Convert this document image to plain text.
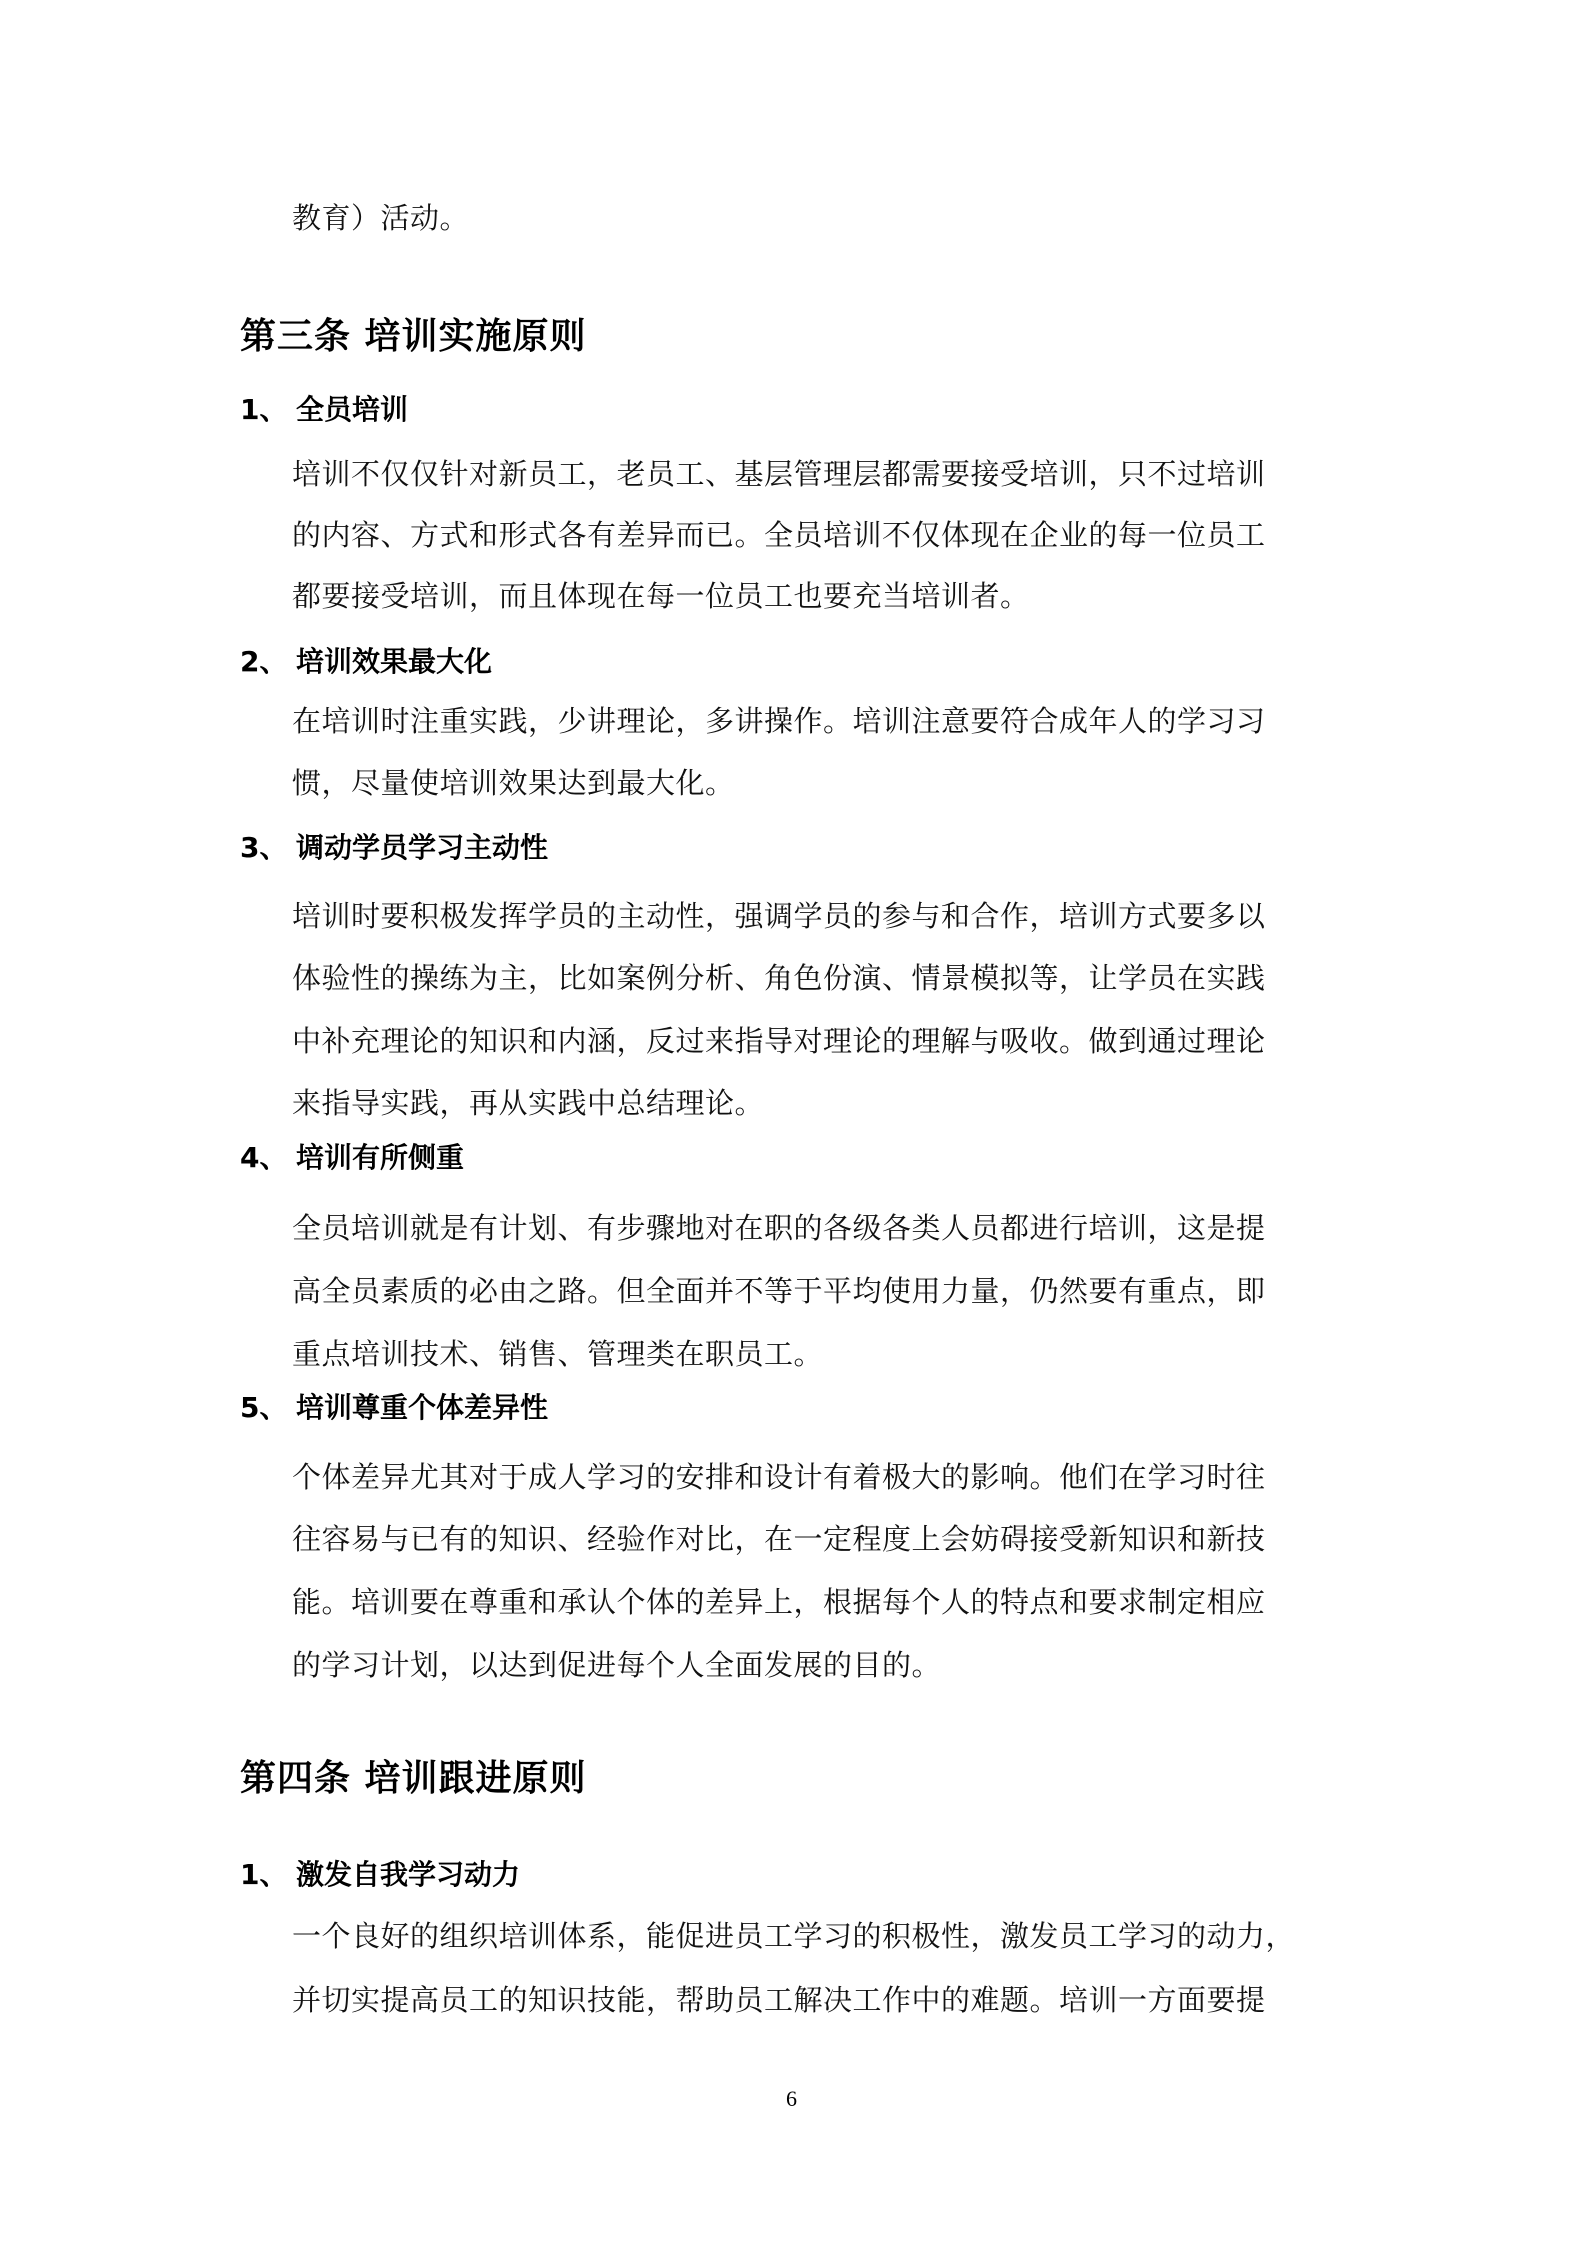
教育）活动。
第三条 培训实施原则
1、 全员培训
培训不仅仅针对新员工，老员工、基层管理层都需要接受培训，只不过培训
的内容、方式和形式各有差异而已。全员培训不仅体现在企业的每一位员工
都要接受培训，而且体现在每一位员工也要充当培训者。
2、 培训效果最大化
在培训时注重实践，少讲理论，多讲操作。培训注意要符合成年人的学习习
惯，尽量使培训效果达到最大化。
3、 调动学员学习主动性
培训时要积极发挥学员的主动性，强调学员的参与和合作，培训方式要多以
体验性的操练为主，比如案例分析、角色份演、情景模拟等，让学员在实践
中补充理论的知识和内涵，反过来指导对理论的理解与吸收。做到通过理论
来指导实践，再从实践中总结理论。
4、 培训有所侧重
全员培训就是有计划、有步骤地对在职的各级各类人员都进行培训，这是提
高全员素质的必由之路。但全面并不等于平均使用力量，仍然要有重点，即
重点培训技术、销售、管理类在职员工。
5、 培训尊重个体差异性
个体差异尤其对于成人学习的安排和设计有着极大的影响。他们在学习时往
往容易与已有的知识、经验作对比，在一定程度上会妨碍接受新知识和新技
能。培训要在尊重和承认个体的差异上，根据每个人的特点和要求制定相应
的学习计划，以达到促进每个人全面发展的目的。
第四条 培训跟进原则
1、 激发自我学习动力
一个良好的组织培训体系，能促进员工学习的积极性，激发员工学习的动力，
并切实提高员工的知识技能，帮助员工解决工作中的难题。培训一方面要提
6
